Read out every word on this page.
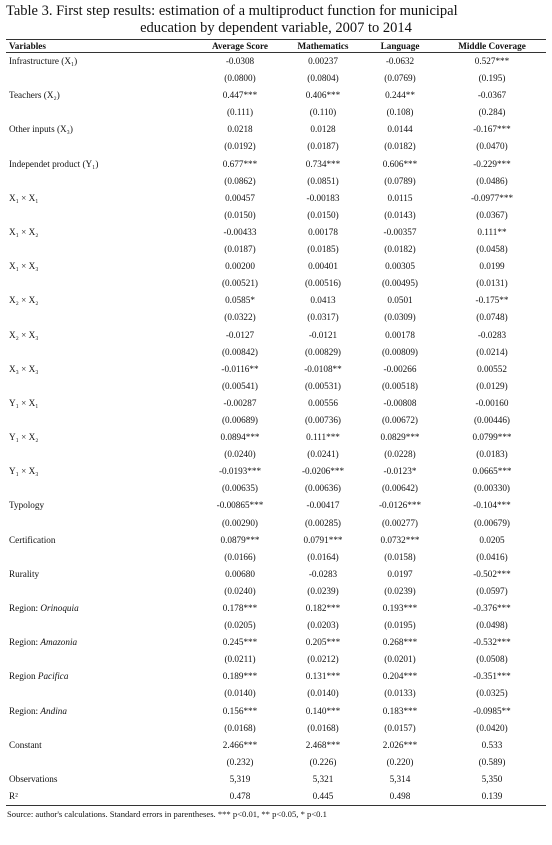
Table 3. First step results: estimation of a multiproduct function for municipal
education by dependent variable, 2007 to 2014
Variables	Average Score	Mathematics	Language	Middle Coverage
Infrastructure (X₁)	-0.0308	0.00237	-0.0632	0.527***
	(0.0800)	(0.0804)	(0.0769)	(0.195)
Teachers (X₂)	0.447***	0.406***	0.244**	-0.0367
	(0.111)	(0.110)	(0.108)	(0.284)
Other inputs (X₃)	0.0218	0.0128	0.0144	-0.167***
	(0.0192)	(0.0187)	(0.0182)	(0.0470)
Independet product (Y₁)	0.677***	0.734***	0.606***	-0.229***
	(0.0862)	(0.0851)	(0.0789)	(0.0486)
X₁ × X₁	0.00457	-0.00183	0.0115	-0.0977***
	(0.0150)	(0.0150)	(0.0143)	(0.0367)
X₁ × X₂	-0.00433	0.00178	-0.00357	0.111**
	(0.0187)	(0.0185)	(0.0182)	(0.0458)
X₁ × X₃	0.00200	0.00401	0.00305	0.0199
	(0.00521)	(0.00516)	(0.00495)	(0.0131)
X₂ × X₂	0.0585*	0.0413	0.0501	-0.175**
	(0.0322)	(0.0317)	(0.0309)	(0.0748)
X₂ × X₃	-0.0127	-0.0121	0.00178	-0.0283
	(0.00842)	(0.00829)	(0.00809)	(0.0214)
X₃ × X₃	-0.0116**	-0.0108**	-0.00266	0.00552
	(0.00541)	(0.00531)	(0.00518)	(0.0129)
Y₁ × X₁	-0.00287	0.00556	-0.00808	-0.00160
	(0.00689)	(0.00736)	(0.00672)	(0.00446)
Y₁ × X₂	0.0894***	0.111***	0.0829***	0.0799***
	(0.0240)	(0.0241)	(0.0228)	(0.0183)
Y₁ × X₃	-0.0193***	-0.0206***	-0.0123*	0.0665***
	(0.00635)	(0.00636)	(0.00642)	(0.00330)
Typology	-0.00865***	-0.00417	-0.0126***	-0.104***
	(0.00290)	(0.00285)	(0.00277)	(0.00679)
Certification	0.0879***	0.0791***	0.0732***	0.0205
	(0.0166)	(0.0164)	(0.0158)	(0.0416)
Rurality	0.00680	-0.0283	0.0197	-0.502***
	(0.0240)	(0.0239)	(0.0239)	(0.0597)
Region: Orinoquia	0.178***	0.182***	0.193***	-0.376***
	(0.0205)	(0.0203)	(0.0195)	(0.0498)
Region: Amazonia	0.245***	0.205***	0.268***	-0.532***
	(0.0211)	(0.0212)	(0.0201)	(0.0508)
Region Pacifica	0.189***	0.131***	0.204***	-0.351***
	(0.0140)	(0.0140)	(0.0133)	(0.0325)
Region: Andina	0.156***	0.140***	0.183***	-0.0985**
	(0.0168)	(0.0168)	(0.0157)	(0.0420)
Constant	2.466***	2.468***	2.026***	0.533
	(0.232)	(0.226)	(0.220)	(0.589)
Observations	5,319	5,321	5,314	5,350
R²	0.478	0.445	0.498	0.139
Source: author's calculations. Standard errors in parentheses. *** p<0.01, ** p<0.05, * p<0.1
